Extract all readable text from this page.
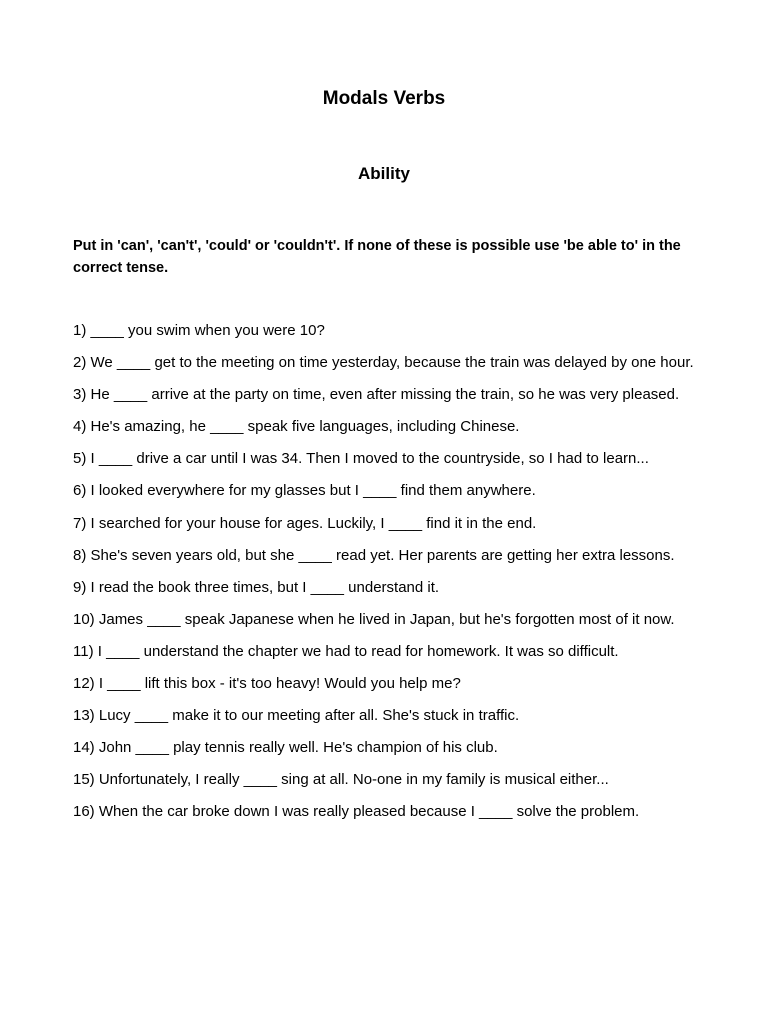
Modals Verbs
Ability
Put in 'can', 'can't', 'could' or 'couldn't'. If none of these is possible use 'be able to' in the correct tense.
1) ____ you swim when you were 10?
2) We ____ get to the meeting on time yesterday, because the train was delayed by one hour.
3) He ____ arrive at the party on time, even after missing the train, so he was very pleased.
4) He's amazing, he ____ speak five languages, including Chinese.
5) I ____ drive a car until I was 34. Then I moved to the countryside, so I had to learn...
6) I looked everywhere for my glasses but I ____ find them anywhere.
7) I searched for your house for ages. Luckily, I ____ find it in the end.
8) She's seven years old, but she ____ read yet. Her parents are getting her extra lessons.
9) I read the book three times, but I ____ understand it.
10) James ____ speak Japanese when he lived in Japan, but he's forgotten most of it now.
11) I ____ understand the chapter we had to read for homework. It was so difficult.
12) I ____ lift this box - it's too heavy! Would you help me?
13) Lucy ____ make it to our meeting after all. She's stuck in traffic.
14) John ____ play tennis really well. He's champion of his club.
15) Unfortunately, I really ____ sing at all. No-one in my family is musical either...
16) When the car broke down I was really pleased because I ____ solve the problem.
